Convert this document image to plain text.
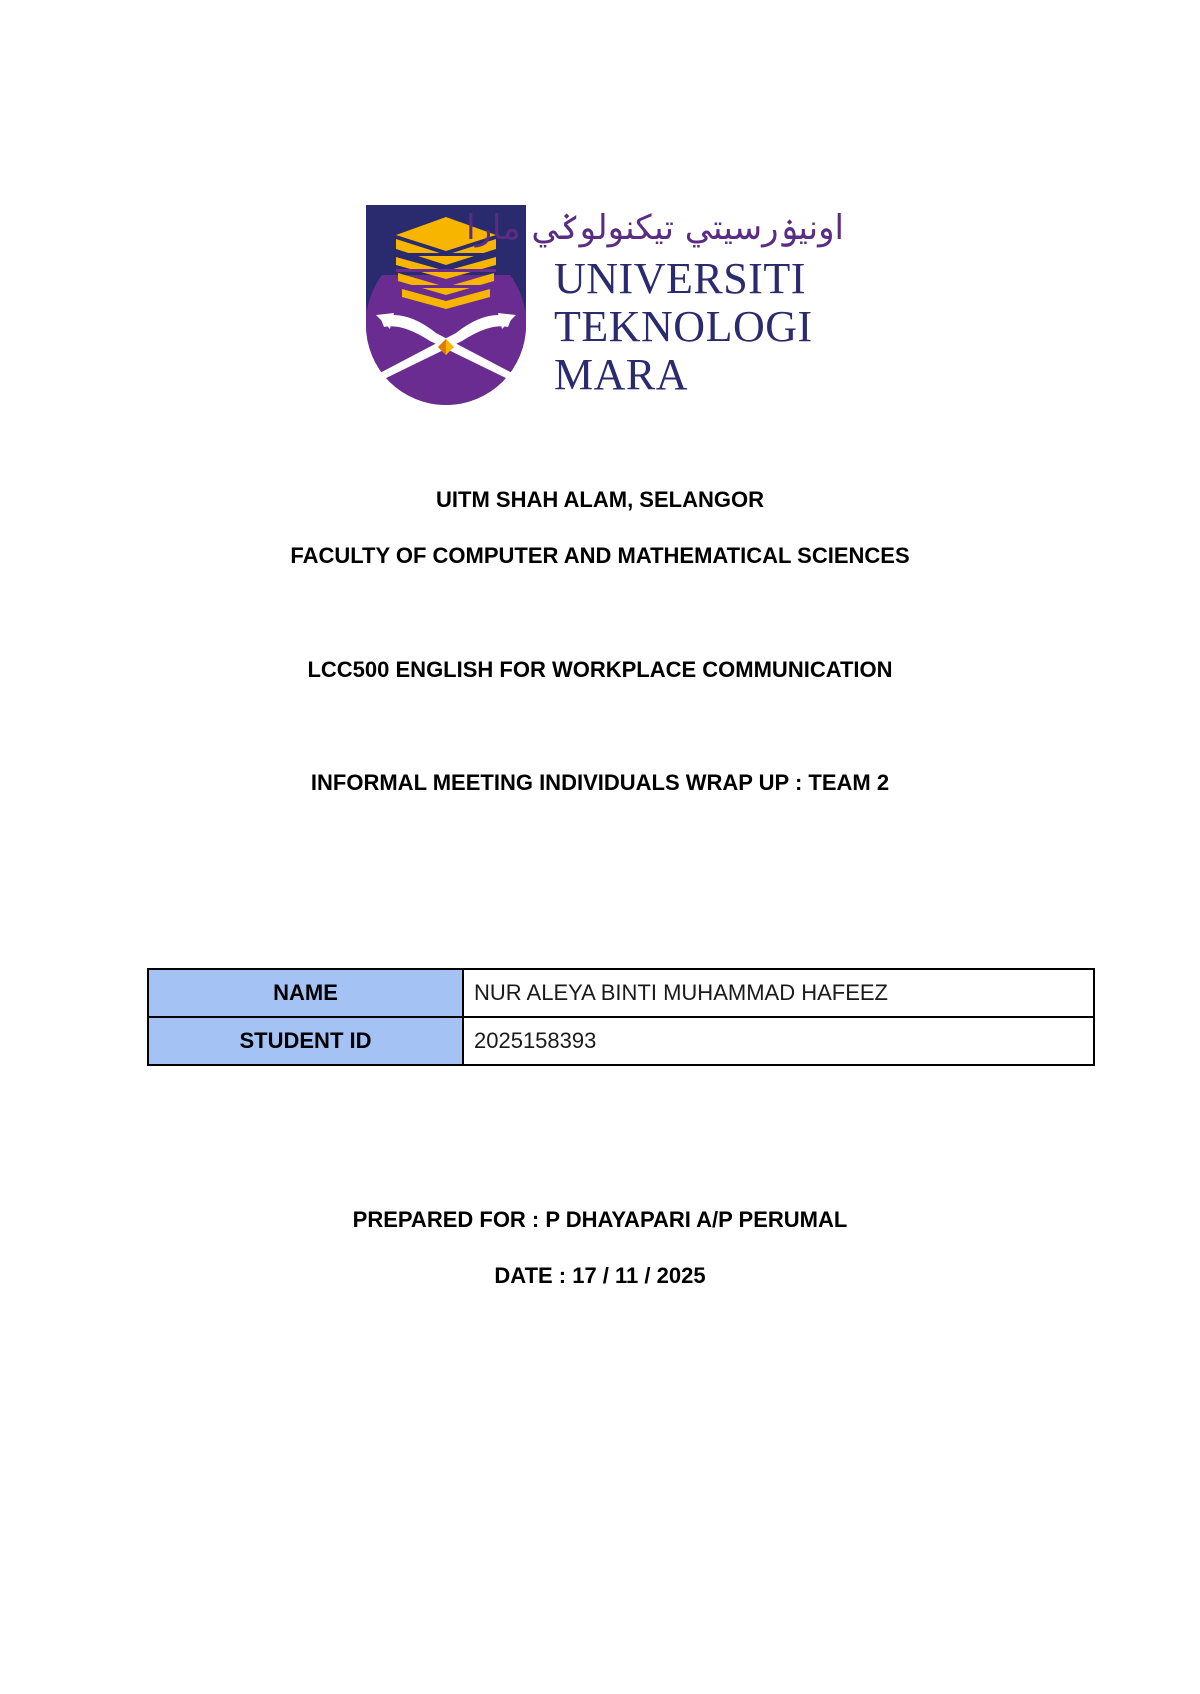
اونيۏرسيتي تيکنولوݢي مارا
UNIVERSITI
TEKNOLOGI
MARA
UITM SHAH ALAM, SELANGOR
FACULTY OF COMPUTER AND MATHEMATICAL SCIENCES
LCC500 ENGLISH FOR WORKPLACE COMMUNICATION
INFORMAL MEETING INDIVIDUALS WRAP UP : TEAM 2
NAME	NUR ALEYA BINTI MUHAMMAD HAFEEZ
STUDENT ID	2025158393
PREPARED FOR : P DHAYAPARI A/P PERUMAL
DATE : 17 / 11 / 2025
